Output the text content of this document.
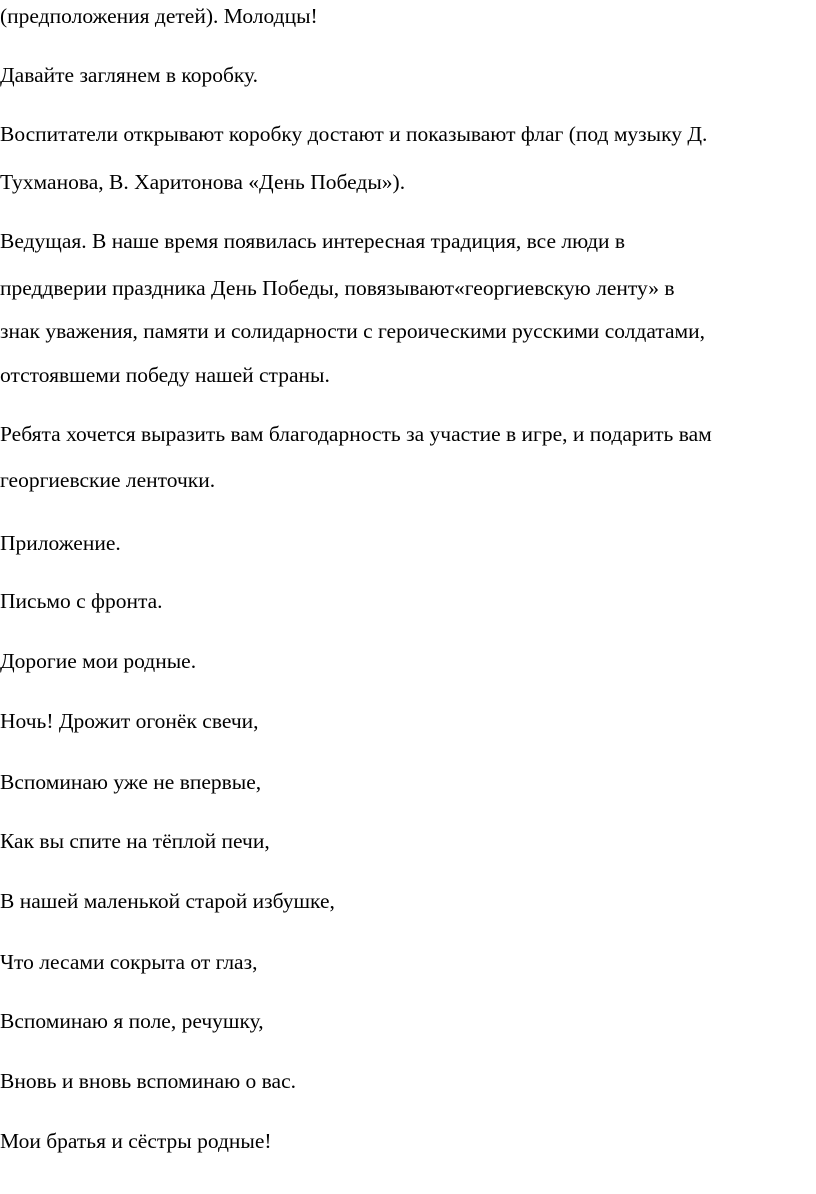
(предположения детей). Молодцы!
Давайте заглянем в коробку.
Воспитатели открывают коробку достают и показывают флаг (под музыку Д.
Тухманова, В. Харитонова «День Победы»).
Ведущая. В наше время появилась интересная традиция, все люди в
преддверии праздника День Победы, повязывают«георгиевскую ленту» в
знак уважения, памяти и солидарности с героическими русскими солдатами,
отстоявшеми победу нашей страны.
Ребята хочется выразить вам благодарность за участие в игре, и подарить вам
георгиевские ленточки.
Приложение.
Письмо с фронта.
Дорогие мои родные.
Ночь! Дрожит огонёк свечи,
Вспоминаю уже не впервые,
Как вы спите на тёплой печи,
В нашей маленькой старой избушке,
Что лесами сокрыта от глаз,
Вспоминаю я поле, речушку,
Вновь и вновь вспоминаю о вас.
Мои братья и сёстры родные!
